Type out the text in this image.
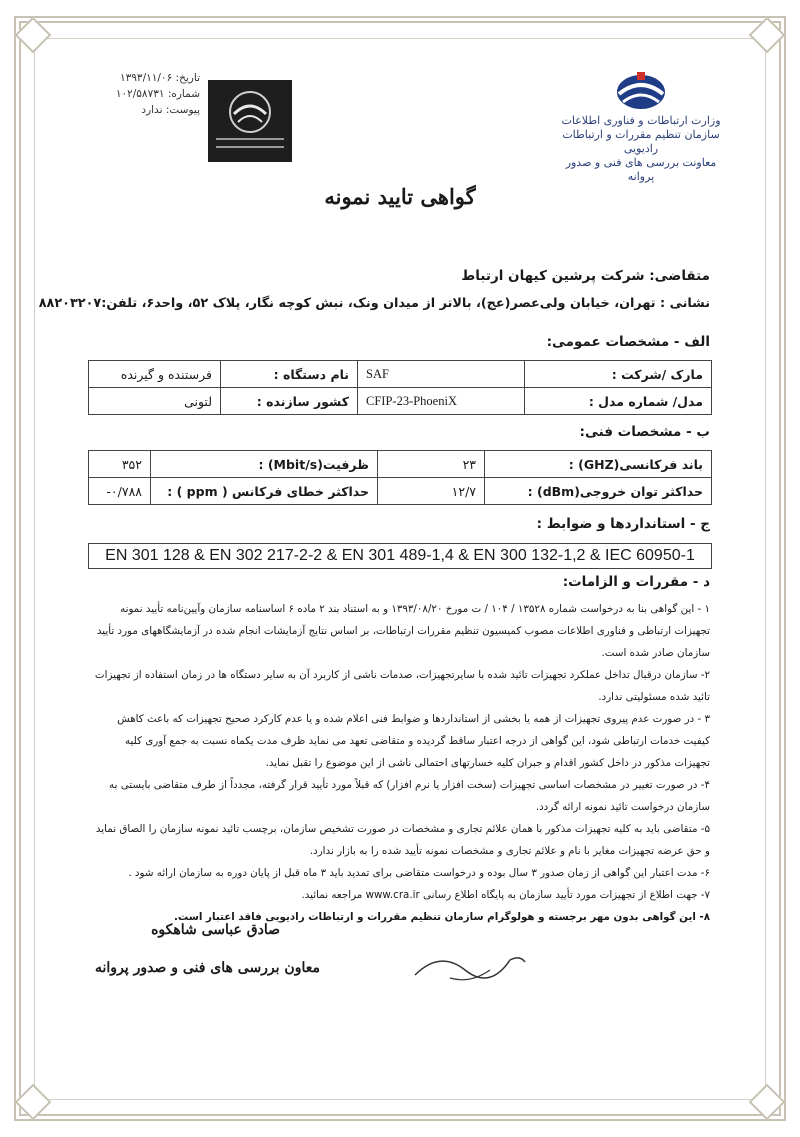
وزارت ارتباطات و فناوری اطلاعات
سازمان تنظیم مقررات و ارتباطات رادیویی
معاونت بررسی های فنی و صدور پروانه
تاریخ: ۱۳۹۳/۱۱/۰۶
شماره: ۱۰۲/۵۸۷۳۱
پیوست: ندارد
گواهی تایید نمونه
متقاضی: شرکت پرشین کیهان ارتباط
نشانی : تهران، خیابان ولی‌عصر(عج)، بالاتر از میدان ونک، نبش کوچه نگار، پلاک ۵۲، واحد۶، تلفن:۸۸۲۰۳۲۰۷
الف - مشخصات عمومی:
مارک /شرکت :	SAF	نام دستگاه :	فرستنده و گیرنده
مدل/ شماره مدل :	CFIP-23-PhoeniX	کشور سازنده :	لتونی
ب - مشخصات فنی:
باند فرکانسی(GHZ) :	۲۳	ظرفیت(Mbit/s) :	۳۵۲
حداکثر توان خروجی(dBm) :	۱۲/۷	حداکثر خطای فرکانس ( ppm ) :	-۰/۷۸۸
ج - استانداردها و ضوابط :
EN 301 128 & EN 302 217-2-2 & EN 301 489-1,4 & EN 300 132-1,2 & IEC 60950-1
د - مقررات و الزامات:
۱ - این گواهی بنا به درخواست شماره ۱۳۵۲۸ / ۱۰۴ / ت مورخ ۱۳۹۳/۰۸/۲۰ و به استناد بند ۲ ماده ۶ اساسنامه سازمان وآیین‌نامه تأیید نمونه تجهیزات ارتباطی و فناوری اطلاعات مصوب کمیسیون تنظیم مقررات ارتباطات، بر اساس نتایج آزمایشات انجام شده در آزمایشگاههای مورد تأیید سازمان صادر شده است.
۲- سازمان درقبال تداخل عملکرد تجهیزات تائید شده با سایرتجهیزات، صدمات ناشی از کاربرد آن به سایر دستگاه ها در زمان استفاده از تجهیزات تائید شده مسئولیتی ندارد.
۳ - در صورت عدم پیروی تجهیزات از همه یا بخشی از استانداردها و ضوابط فنی اعلام شده و یا عدم کارکرد صحیح تجهیزات که باعث کاهش کیفیت خدمات ارتباطی شود، این گواهی از درجه اعتبار ساقط گردیده و متقاضی تعهد می نماید ظرف مدت یکماه نسبت به جمع آوری کلیه تجهیزات مذکور در داخل کشور اقدام و جبران کلیه خسارتهای احتمالی ناشی از این موضوع را تقبل نماید.
۴- در صورت تغییر در مشخصات اساسی تجهیزات (سخت افزار یا نرم افزار) که قبلاً مورد تأیید قرار گرفته، مجدداً از طرف متقاضی بایستی به سازمان درخواست تائید نمونه ارائه گردد.
۵- متقاضی باید به کلیه تجهیزات مذکور با همان علائم تجاری و مشخصات در صورت تشخیص سازمان، برچسب تائید نمونه سازمان را الصاق نماید و حق عرضه تجهیزات مغایر با نام و علائم تجاری و مشخصات نمونه تأیید شده را به بازار ندارد.
۶- مدت اعتبار این گواهی از زمان صدور ۳ سال بوده و درخواست متقاضی برای تمدید باید ۳ ماه قبل از پایان دوره به سازمان ارائه شود .
۷- جهت اطلاع از تجهیزات مورد تأیید سازمان به پایگاه اطلاع رسانی www.cra.ir مراجعه نمائید.
۸- این گواهی بدون مهر برجسته و هولوگرام سازمان تنظیم مقررات و ارتباطات رادیویی فاقد اعتبار است.
صادق عباسی شاهکوه
معاون بررسی های فنی و صدور پروانه
